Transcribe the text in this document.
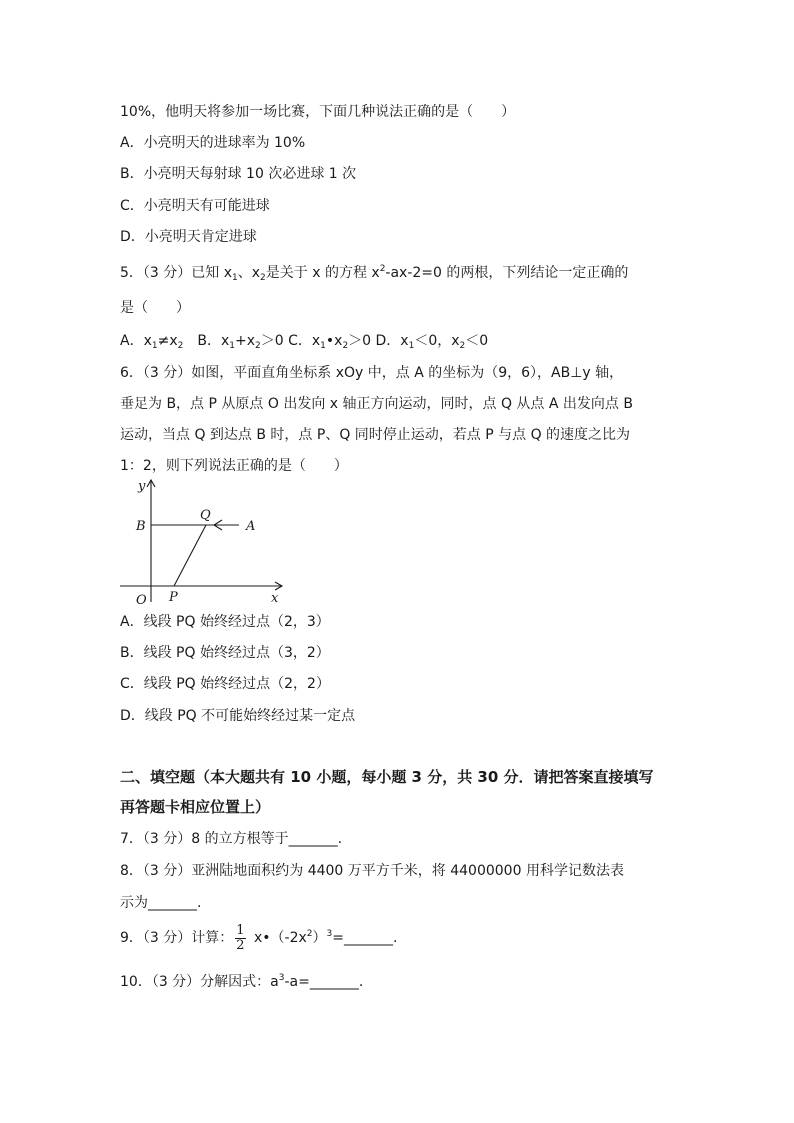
10%，他明天将参加一场比赛，下面几种说法正确的是（　　）
A．小亮明天的进球率为 10%
B．小亮明天每射球 10 次必进球 1 次
C．小亮明天有可能进球
D．小亮明天肯定进球
5．（3 分）已知 $x_1$、$x_2$是关于 x 的方程 $x^2-ax-2=0$ 的两根，下列结论一定正确的
是（　　）
A．$x_1\ne x_2$　B．$x_1+x_2>0$ C．$x_1•x_2>0$ D．$x_1<0$，$x_2<0$
6．（3 分）如图，平面直角坐标系 xOy 中，点 A 的坐标为（9，6），AB⊥y 轴，
垂足为 B，点 P 从原点 O 出发向 x 轴正方向运动，同时，点 Q 从点 A 出发向点 B
运动，当点 Q 到达点 B 时，点 P、Q 同时停止运动，若点 P 与点 Q 的速度之比为
1：2，则下列说法正确的是（　　）
y
x
O
B
Q
A
P
A．线段 PQ 始终经过点（2，3）
B．线段 PQ 始终经过点（3，2）
C．线段 PQ 始终经过点（2，2）
D．线段 PQ 不可能始终经过某一定点
二、填空题（本大题共有 10 小题，每小题 3 分，共 30 分．请把答案直接填写
再答题卡相应位置上）
7．（3 分）8 的立方根等于_______.
8．（3 分）亚洲陆地面积约为 4400 万平方千米，将 44000000 用科学记数法表
示为_______.
9．（3 分）计算： $\frac{1}{2}$ $x•(-2x^2)^3=\_\_\_\_\_\_\_$.
10．（3 分）分解因式：$a^3-a=\_\_\_\_\_\_\_$.
